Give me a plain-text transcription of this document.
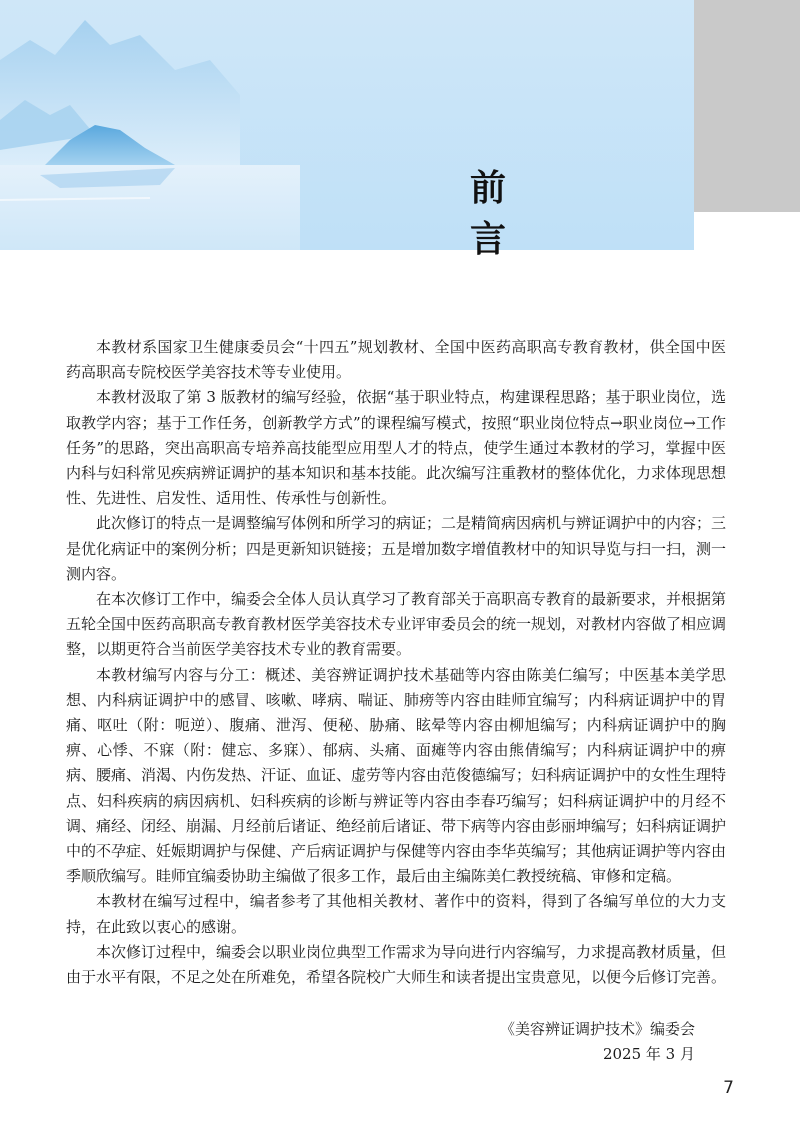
前　言

本教材系国家卫生健康委员会“十四五”规划教材、全国中医药高职高专教育教材，供全国中医药高职高专院校医学美容技术等专业使用。

本教材汲取了第 3 版教材的编写经验，依据“基于职业特点，构建课程思路；基于职业岗位，选取教学内容；基于工作任务，创新教学方式”的课程编写模式，按照“职业岗位特点→职业岗位→工作任务”的思路，突出高职高专培养高技能型应用型人才的特点，使学生通过本教材的学习，掌握中医内科与妇科常见疾病辨证调护的基本知识和基本技能。此次编写注重教材的整体优化，力求体现思想性、先进性、启发性、适用性、传承性与创新性。

此次修订的特点一是调整编写体例和所学习的病证；二是精简病因病机与辨证调护中的内容；三是优化病证中的案例分析；四是更新知识链接；五是增加数字增值教材中的知识导览与扫一扫，测一测内容。

在本次修订工作中，编委会全体人员认真学习了教育部关于高职高专教育的最新要求，并根据第五轮全国中医药高职高专教育教材医学美容技术专业评审委员会的统一规划，对教材内容做了相应调整，以期更符合当前医学美容技术专业的教育需要。

本教材编写内容与分工：概述、美容辨证调护技术基础等内容由陈美仁编写；中医基本美学思想、内科病证调护中的感冒、咳嗽、哮病、喘证、肺痨等内容由眭师宜编写；内科病证调护中的胃痛、呕吐（附：呃逆）、腹痛、泄泻、便秘、胁痛、眩晕等内容由柳旭编写；内科病证调护中的胸痹、心悸、不寐（附：健忘、多寐）、郁病、头痛、面瘫等内容由熊倩编写；内科病证调护中的痹病、腰痛、消渴、内伤发热、汗证、血证、虚劳等内容由范俊德编写；妇科病证调护中的女性生理特点、妇科疾病的病因病机、妇科疾病的诊断与辨证等内容由李春巧编写；妇科病证调护中的月经不调、痛经、闭经、崩漏、月经前后诸证、绝经前后诸证、带下病等内容由彭丽坤编写；妇科病证调护中的不孕症、妊娠期调护与保健、产后病证调护与保健等内容由李华英编写；其他病证调护等内容由季顺欣编写。眭师宜编委协助主编做了很多工作，最后由主编陈美仁教授统稿、审修和定稿。

本教材在编写过程中，编者参考了其他相关教材、著作中的资料，得到了各编写单位的大力支持，在此致以衷心的感谢。

本次修订过程中，编委会以职业岗位典型工作需求为导向进行内容编写，力求提高教材质量，但由于水平有限，不足之处在所难免，希望各院校广大师生和读者提出宝贵意见，以便今后修订完善。

《美容辨证调护技术》编委会
2025 年 3 月
7
